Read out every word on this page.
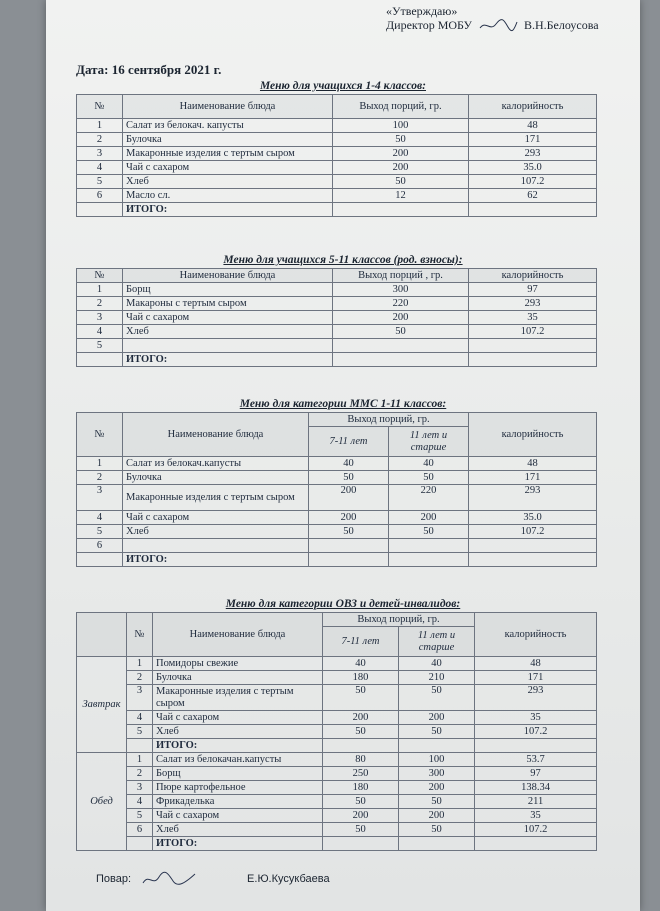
«Утверждаю»
Директор МОБУ	В.Н.Белоусова
Дата: 16 сентября 2021 г.
Меню для учащихся 1-4 классов:
№	Наименование блюда	Выход порций, гр.	калорийность
1	Салат из белокач. капусты	100	48
2	Булочка	50	171
3	Макаронные изделия с тертым сыром	200	293
4	Чай с сахаром	200	35.0
5	Хлеб	50	107.2
6	Масло сл.	12	62
	ИТОГО:		
Меню для учащихся 5-11 классов (род. взносы):
№	Наименование блюда	Выход порций , гр.	калорийность
1	Борщ	300	97
2	Макароны с тертым сыром	220	293
3	Чай с сахаром	200	35
4	Хлеб	50	107.2
5			
	ИТОГО:		
Меню для категории ММС 1-11 классов:
№	Наименование блюда	Выход порций, гр.		калорийность
		7-11 лет	11 лет и старше	
1	Салат из белокач.капусты	40	40	48
2	Булочка	50	50	171
3	Макаронные изделия с тертым сыром	200	220	293
4	Чай с сахаром	200	200	35.0
5	Хлеб	50	50	107.2
6				
	ИТОГО:			
Меню для категории ОВЗ и детей-инвалидов:
	№	Наименование блюда	Выход порций, гр.		калорийность
			7-11 лет	11 лет и старше	
Завтрак	1	Помидоры свежие	40	40	48
	2	Булочка	180	210	171
	3	Макаронные изделия с тертым сыром	50	50	293
	4	Чай с сахаром	200	200	35
	5	Хлеб	50	50	107.2
		ИТОГО:			
Обед	1	Салат из белокачан.капусты	80	100	53.7
	2	Борщ	250	300	97
	3	Пюре картофельное	180	200	138.34
	4	Фрикаделька	50	50	211
	5	Чай с сахаром	200	200	35
	6	Хлеб	50	50	107.2
		ИТОГО:			
Повар:	Е.Ю.Кусукбаева
